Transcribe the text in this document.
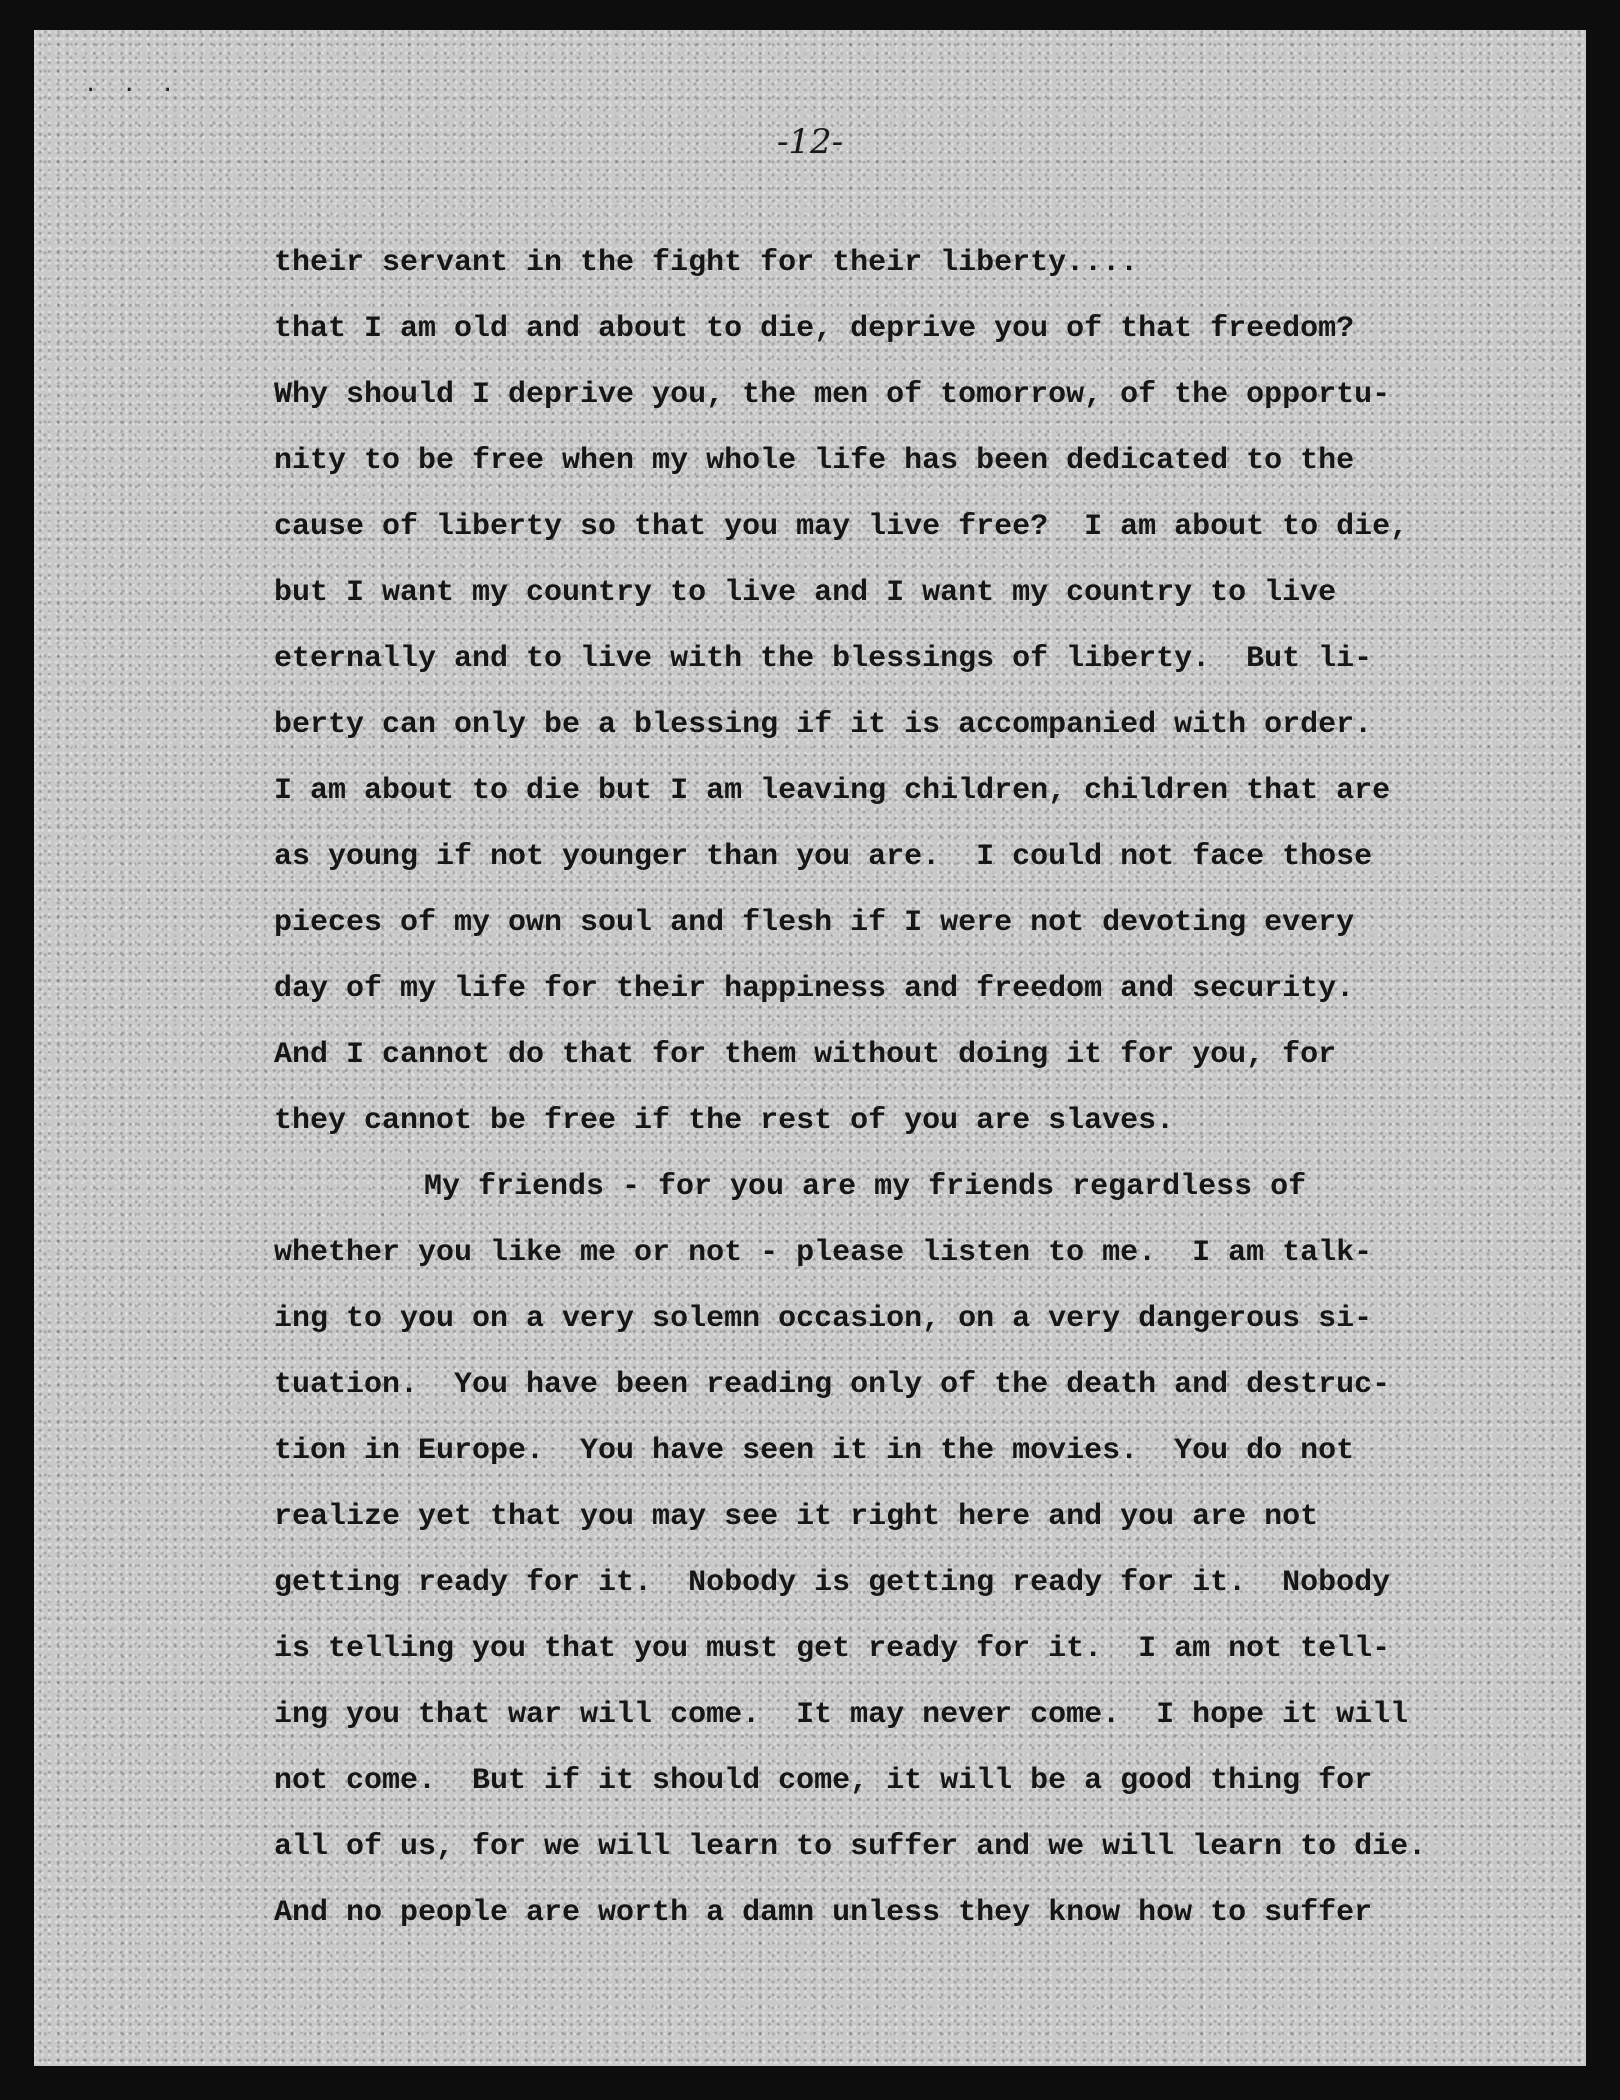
· · ·
-12-
their servant in the fight for their liberty....
that I am old and about to die, deprive you of that freedom?
Why should I deprive you, the men of tomorrow, of the opportu-
nity to be free when my whole life has been dedicated to the
cause of liberty so that you may live free?  I am about to die,
but I want my country to live and I want my country to live
eternally and to live with the blessings of liberty.  But li-
berty can only be a blessing if it is accompanied with order.
I am about to die but I am leaving children, children that are
as young if not younger than you are.  I could not face those
pieces of my own soul and flesh if I were not devoting every
day of my life for their happiness and freedom and security.
And I cannot do that for them without doing it for you, for
they cannot be free if the rest of you are slaves.
My friends - for you are my friends regardless of
whether you like me or not - please listen to me.  I am talk-
ing to you on a very solemn occasion, on a very dangerous si-
tuation.  You have been reading only of the death and destruc-
tion in Europe.  You have seen it in the movies.  You do not
realize yet that you may see it right here and you are not
getting ready for it.  Nobody is getting ready for it.  Nobody
is telling you that you must get ready for it.  I am not tell-
ing you that war will come.  It may never come.  I hope it will
not come.  But if it should come, it will be a good thing for
all of us, for we will learn to suffer and we will learn to die.
And no people are worth a damn unless they know how to suffer
